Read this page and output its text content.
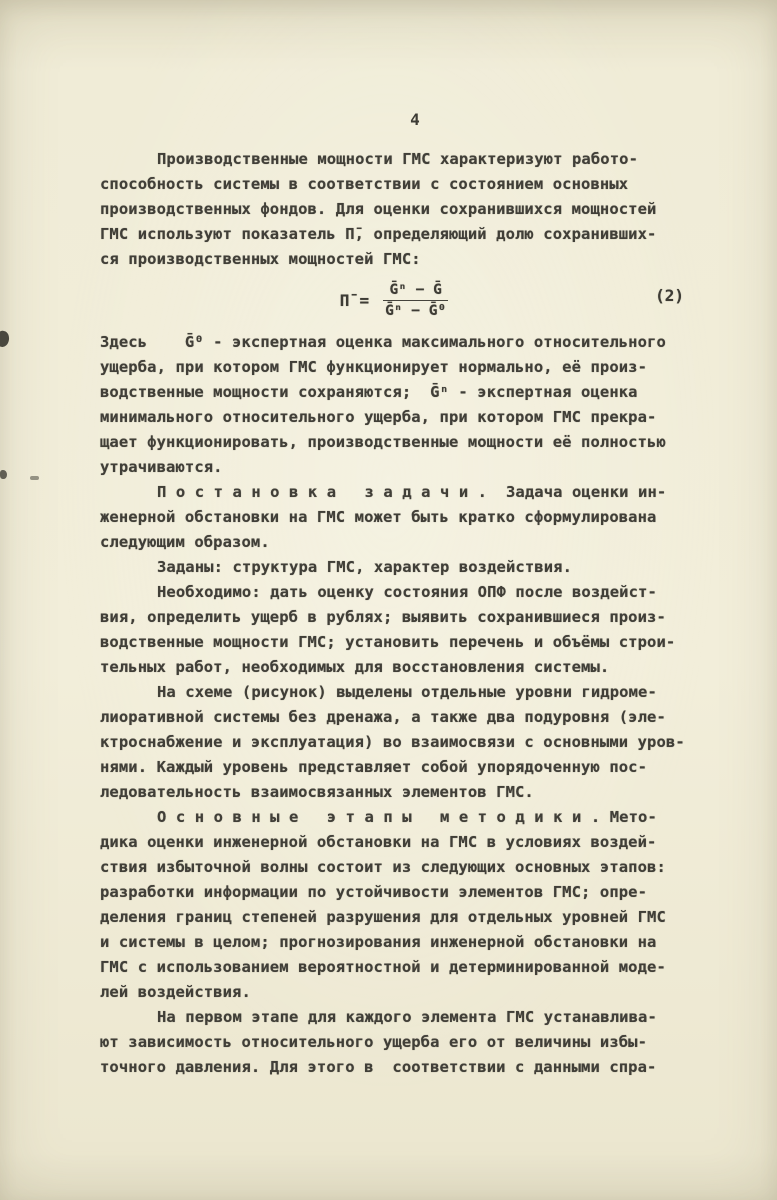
4
Производственные мощности ГМС характеризуют работо-
способность системы в соответствии с состоянием основных
производственных фондов. Для оценки сохранившихся мощностей
ГМС используют показатель П̄, определяющий долю сохранивших-
ся производственных мощностей ГМС:
П̄ = $\frac{\text{Ḡⁿ − Ḡ}}{\text{Ḡⁿ − Ḡ⁰}}$	(2)
Здесь    Ḡ⁰ - экспертная оценка максимального относительного
ущерба, при котором ГМС функционирует нормально, её произ-
водственные мощности сохраняются;  Ḡⁿ - экспертная оценка
минимального относительного ущерба, при котором ГМС прекра-
щает функционировать, производственные мощности её полностью
утрачиваются.
П о с т а н о в к а   з а д а ч и .  Задача оценки ин-
женерной обстановки на ГМС может быть кратко сформулирована
следующим образом.
Заданы: структура ГМС, характер воздействия.
Необходимо: дать оценку состояния ОПФ после воздейст-
вия, определить ущерб в рублях; выявить сохранившиеся произ-
водственные мощности ГМС; установить перечень и объёмы строи-
тельных работ, необходимых для восстановления системы.
На схеме (рисунок) выделены отдельные уровни гидроме-
лиоративной системы без дренажа, а также два подуровня (эле-
ктроснабжение и эксплуатация) во взаимосвязи с основными уров-
нями. Каждый уровень представляет собой упорядоченную пос-
ледовательность взаимосвязанных элементов ГМС.
О с н о в н ы е   э т а п ы   м е т о д и к и . Мето-
дика оценки инженерной обстановки на ГМС в условиях воздей-
ствия избыточной волны состоит из следующих основных этапов:
разработки информации по устойчивости элементов ГМС; опре-
деления границ степеней разрушения для отдельных уровней ГМС
и системы в целом; прогнозирования инженерной обстановки на
ГМС с использованием вероятностной и детерминированной моде-
лей воздействия.
На первом этапе для каждого элемента ГМС устанавлива-
ют зависимость относительного ущерба его от величины избы-
точного давления. Для этого в  соответствии с данными спра-
